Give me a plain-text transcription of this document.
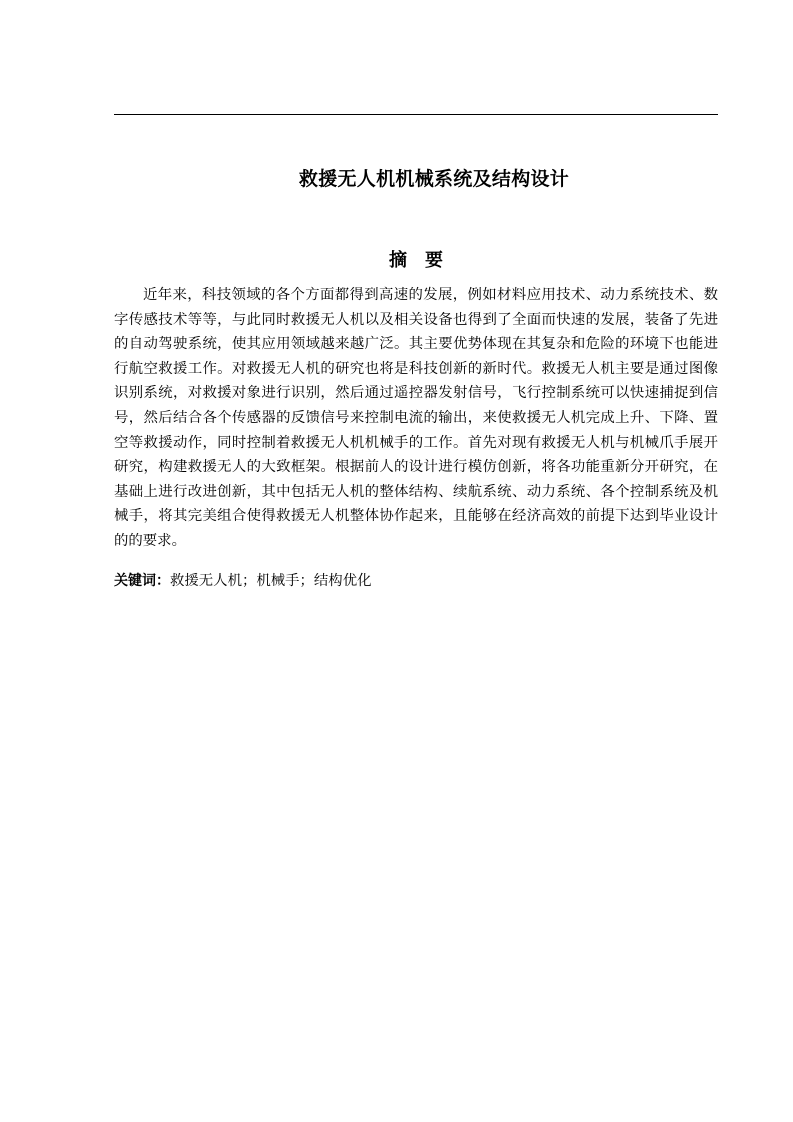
救援无人机机械系统及结构设计
摘　要

近年来，科技领域的各个方面都得到高速的发展，例如材料应用技术、动力系统技术、数字传感技术等等，与此同时救援无人机以及相关设备也得到了全面而快速的发展，装备了先进的自动驾驶系统，使其应用领域越来越广泛。其主要优势体现在其复杂和危险的环境下也能进行航空救援工作。对救援无人机的研究也将是科技创新的新时代。救援无人机主要是通过图像识别系统，对救援对象进行识别，然后通过遥控器发射信号，飞行控制系统可以快速捕捉到信号，然后结合各个传感器的反馈信号来控制电流的输出，来使救援无人机完成上升、下降、置空等救援动作，同时控制着救援无人机机械手的工作。首先对现有救援无人机与机械爪手展开研究，构建救援无人的大致框架。根据前人的设计进行模仿创新，将各功能重新分开研究，在基础上进行改进创新，其中包括无人机的整体结构、续航系统、动力系统、各个控制系统及机械手，将其完美组合使得救援无人机整体协作起来，且能够在经济高效的前提下达到毕业设计的的要求。

关键词：救援无人机；机械手；结构优化
